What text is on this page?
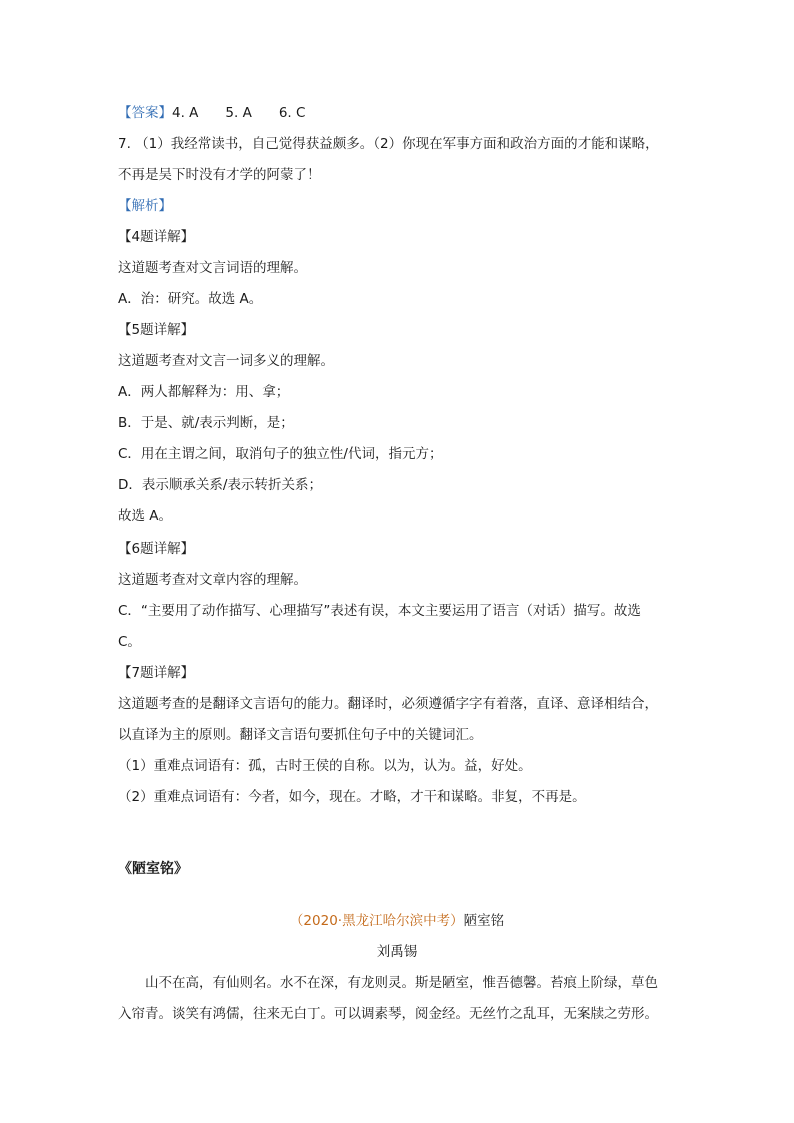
【答案】4. A　　5. A　　6. C
7. （1）我经常读书，自己觉得获益颇多。（2）你现在军事方面和政治方面的才能和谋略，
不再是吴下时没有才学的阿蒙了！
【解析】
【4题详解】
这道题考查对文言词语的理解。
A．治：研究。故选 A。
【5题详解】
这道题考查对文言一词多义的理解。
A．两人都解释为：用、拿；
B．于是、就/表示判断，是；
C．用在主谓之间，取消句子的独立性/代词，指元方；
D．表示顺承关系/表示转折关系；
故选 A。
【6题详解】
这道题考查对文章内容的理解。
C．“主要用了动作描写、心理描写”表述有误，本文主要运用了语言（对话）描写。故选
C。
【7题详解】
这道题考查的是翻译文言语句的能力。翻译时，必须遵循字字有着落，直译、意译相结合，
以直译为主的原则。翻译文言语句要抓住句子中的关键词汇。
（1）重难点词语有：孤，古时王侯的自称。以为，认为。益，好处。
（2）重难点词语有：今者，如今，现在。才略，才干和谋略。非复，不再是。
《陋室铭》
（2020·黑龙江哈尔滨中考）陋室铭
刘禹锡
　　山不在高，有仙则名。水不在深，有龙则灵。斯是陋室，惟吾德馨。苔痕上阶绿，草色
入帘青。谈笑有鸿儒，往来无白丁。可以调素琴，阅金经。无丝竹之乱耳，无案牍之劳形。
